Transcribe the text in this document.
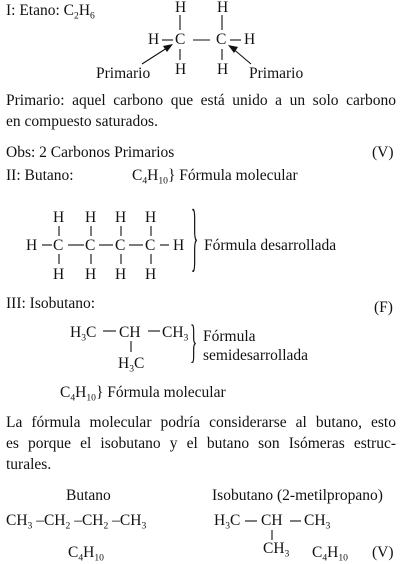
I: Etano: $C_2H_6$	H H
H C C H
H H
Primario	Primario
Primario: aquel carbono que está unido a un solo carbono
en compuesto saturados.
Obs: 2 Carbonos Primarios	(V)
II: Butano:	$C_4H_{10}$} Fórmula molecular
H H H H
H C C C C H
H H H H } Fórmula desarrollada
III: Isobutano:	(F)
$H_3C$ CH $CH_3$
$H_3C$	} Fórmula
semidesarrollada
$C_4H_{10}$} Fórmula molecular
La fórmula molecular podría considerarse al butano, esto
es porque el isobutano y el butano son Isómeras estruc-
turales.
Butano	Isobutano (2-metilpropano)
$CH_3$ $-CH_2$ $-CH_2$ $-CH_3$
$C_4H_{10}$
$H_3C$ CH $CH_3$
$CH_3$ $C_4H_{10}$ (V)
